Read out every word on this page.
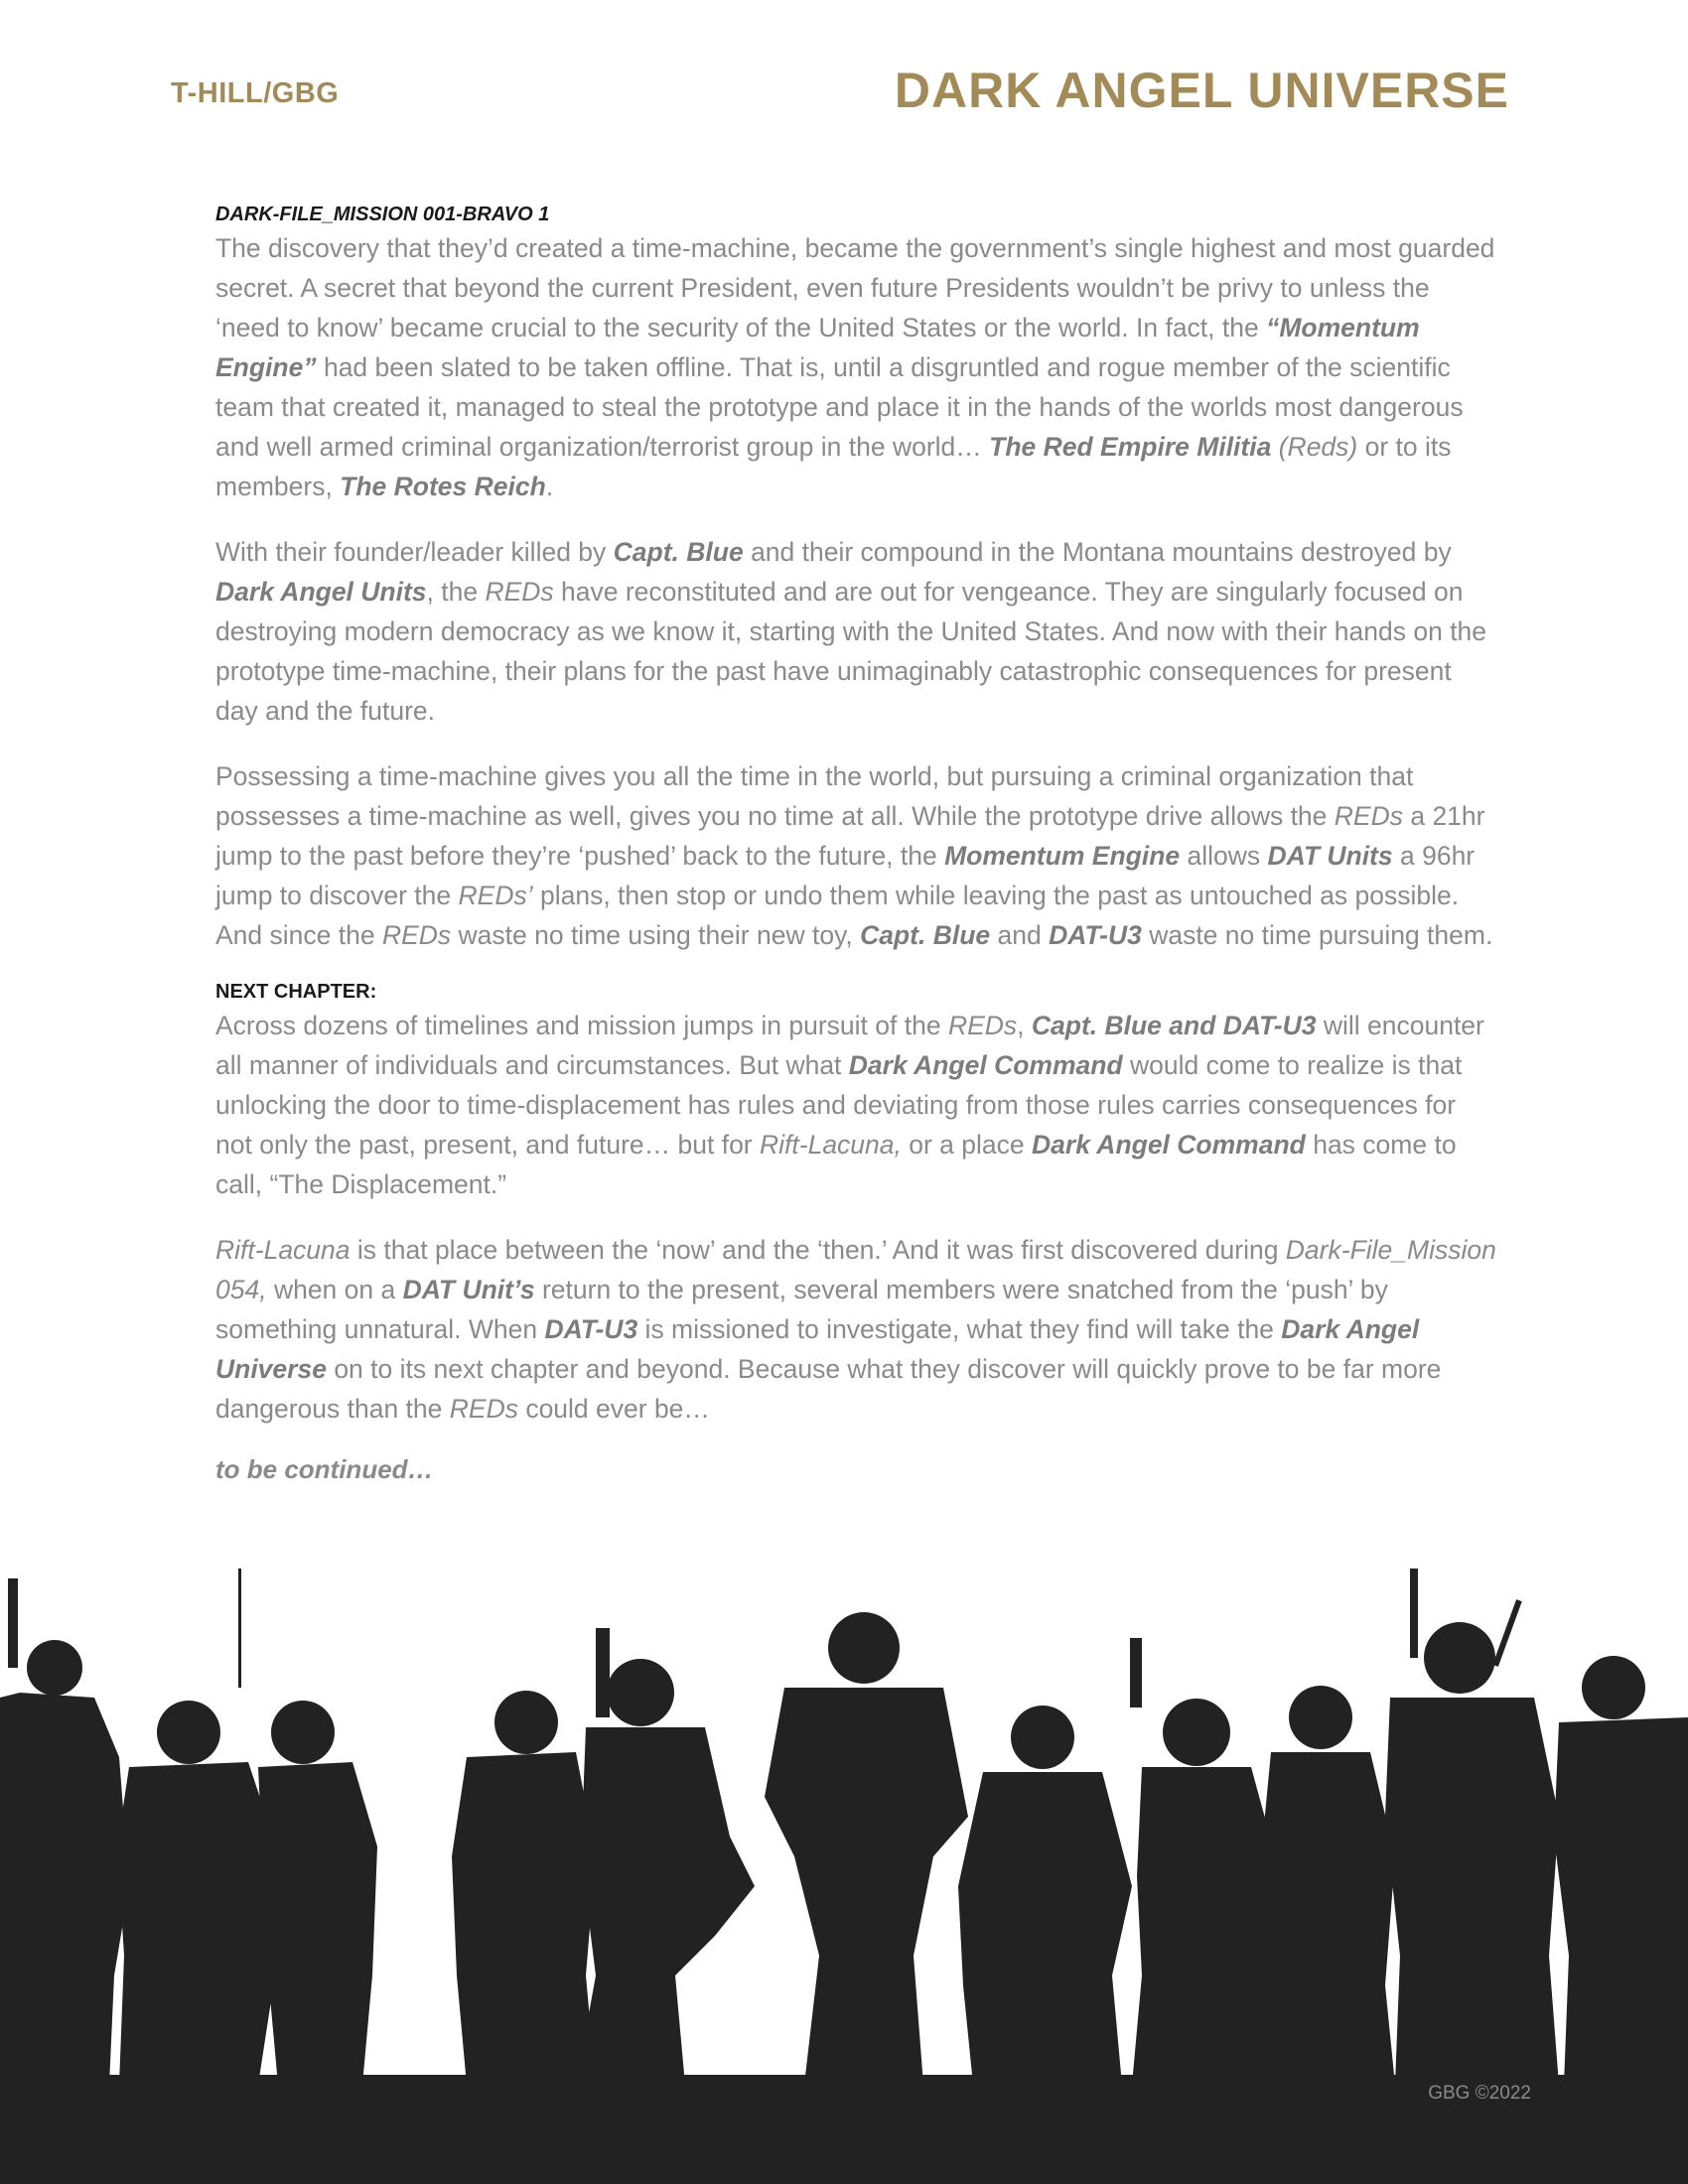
T-HILL/GBG	DARK ANGEL UNIVERSE
DARK-FILE_MISSION 001-BRAVO 1

The discovery that they’d created a time-machine, became the government’s single highest and most guarded secret. A secret that beyond the current President, even future Presidents wouldn’t be privy to unless the ‘need to know’ became crucial to the security of the United States or the world. In fact, the “Momentum Engine” had been slated to be taken offline. That is, until a disgruntled and rogue member of the scientific team that created it, managed to steal the prototype and place it in the hands of the worlds most dangerous and well armed criminal organization/terrorist group in the world… The Red Empire Militia (Reds) or to its members, The Rotes Reich.

With their founder/leader killed by Capt. Blue and their compound in the Montana mountains destroyed by Dark Angel Units, the REDs have reconstituted and are out for vengeance. They are singularly focused on destroying modern democracy as we know it, starting with the United States. And now with their hands on the prototype time-machine, their plans for the past have unimaginably catastrophic consequences for present day and the future.

Possessing a time-machine gives you all the time in the world, but pursuing a criminal organization that possesses a time-machine as well, gives you no time at all. While the prototype drive allows the REDs a 21hr jump to the past before they’re ‘pushed’ back to the future, the Momentum Engine allows DAT Units a 96hr jump to discover the REDs’ plans, then stop or undo them while leaving the past as untouched as possible. And since the REDs waste no time using their new toy, Capt. Blue and DAT-U3 waste no time pursuing them.

NEXT CHAPTER:

Across dozens of timelines and mission jumps in pursuit of the REDs, Capt. Blue and DAT-U3 will encounter all manner of individuals and circumstances. But what Dark Angel Command would come to realize is that unlocking the door to time-displacement has rules and deviating from those rules carries consequences for not only the past, present, and future… but for Rift-Lacuna, or a place Dark Angel Command has come to call, “The Displacement.”

Rift-Lacuna is that place between the ‘now’ and the ‘then.’ And it was first discovered during Dark-File_Mission 054, when on a DAT Unit’s return to the present, several members were snatched from the ‘push’ by something unnatural. When DAT-U3 is missioned to investigate, what they find will take the Dark Angel Universe on to its next chapter and beyond. Because what they discover will quickly prove to be far more dangerous than the REDs could ever be…

to be continued…
GBG ©2022
